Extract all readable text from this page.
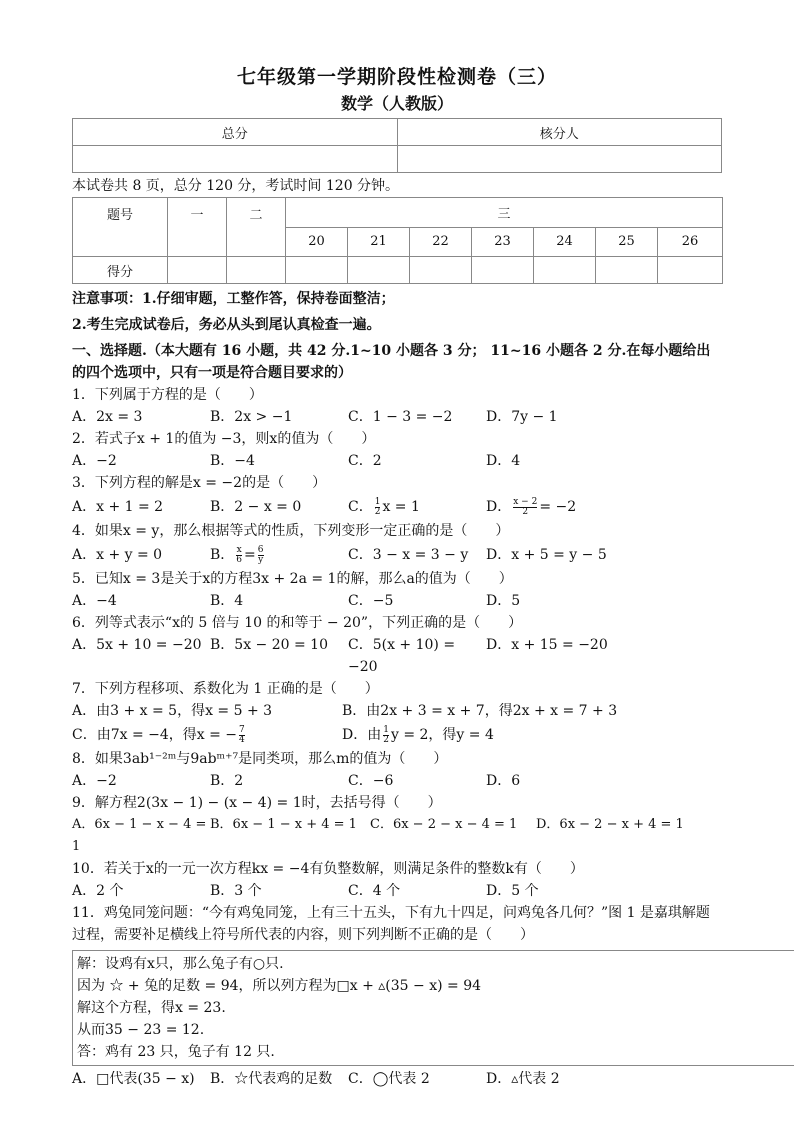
七年级第一学期阶段性检测卷（三）
数学（人教版）
总分	核分人

本试卷共 8 页，总分 120 分，考试时间 120 分钟。

题号	一	二	三						
			20	21	22	23	24	25	26
得分									

注意事项：1.仔细审题，工整作答，保持卷面整洁；

2.考生完成试卷后，务必从头到尾认真检查一遍。

一、选择题.（本大题有 16 小题，共 42 分.1~10 小题各 3 分； 11~16 小题各 2 分.在每小题给出的四个选项中，只有一项是符合题目要求的）

1．下列属于方程的是（　　）

A．2x = 3	B．2x > −1	C．1 − 3 = −2	D．7y − 1

2．若式子x + 1的值为 −3，则x的值为（　　）

A．−2	B．−4	C．2	D．4

3．下列方程的解是x = −2的是（　　）

A．x + 1 = 2	B．2 − x = 0	C． $\frac{1}{2}$ x = 1	D． $\frac{x - 2}{2} = -2$

4．如果x = y，那么根据等式的性质，下列变形一定正确的是（　　）

A．x + y = 0	B． $\frac{x}{6} = \frac{6}{y}$	C．3 − x = 3 − y	D．x + 5 = y − 5

5．已知x = 3是关于x的方程3x + 2a = 1的解，那么a的值为（　　）

A．−4	B．4	C．−5	D．5

6．列等式表示“x的 5 倍与 10 的和等于 − 20”，下列正确的是（　　）

A．5x + 10 = −20 B．5x − 20 = 10	C．5(x + 10) = −20
D．x + 15 = −20

7．下列方程移项、系数化为 1 正确的是（　　）

A．由3 + x = 5，得x = 5 + 3	B．由2x + 3 = x + 7，得2x + x = 7 + 3
C．由7x = −4，得x = − $\frac{7}{4}$	D．由 $\frac{1}{2}$ y = 2，得y = 4

8．如果3ab¹⁻²ᵐ与9abᵐ⁺⁷是同类项，那么m的值为（　　）

A．−2	B．2	C．−6	D．6

9．解方程2(3x − 1) − (x − 4) = 1时，去括号得（　　）

A．6x − 1 − x − 4 = 1
B．6x − 1 − x + 4 = 1	C．6x − 2 − x − 4 = 1	D．6x − 2 − x + 4 = 1

10．若关于x的一元一次方程kx = −4有负整数解，则满足条件的整数k有（　　）

A．2 个	B．3 个	C．4 个	D．5 个

11．鸡兔同笼问题：“今有鸡兔同笼，上有三十五头，下有九十四足，问鸡兔各几何？”图 1 是嘉琪解题过程，需要补足横线上符号所代表的内容，则下列判断不正确的是（　　）

解：设鸡有x只，那么兔子有○只.

因为 ☆ + 兔的足数 = 94，所以列方程为□x + ▵(35 − x) = 94

解这个方程，得x = 23.

从而35 − 23 = 12.

答：鸡有 23 只，兔子有 12 只.

A．□代表(35 − x)	B．☆代表鸡的足数	C．◯代表 2	D．▵代表 2
